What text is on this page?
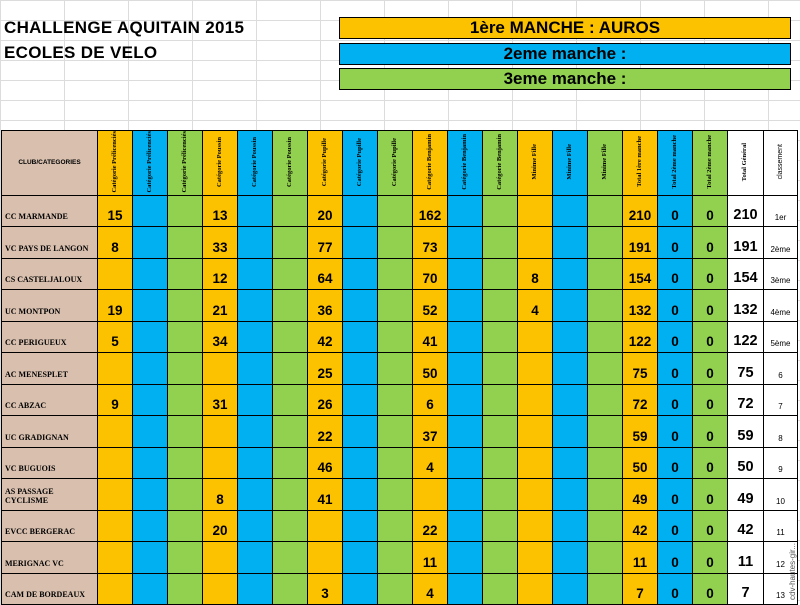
CHALLENGE AQUITAIN 2015
ECOLES DE VELO
1ère MANCHE : AUROS
2eme manche :
3eme manche :
CLUB/CATEGORIES	Catégorie Prélicenciés	Catégorie Prélicenciés	Catégorie Prélicenciés	Catégorie Poussin	Catégorie Poussin	Catégorie Poussin	Catégorie Pupille	Catégorie Pupille	Catégorie Pupille	Catégorie Benjamin	Catégorie Benjamin	Catégorie Benjamin	Minime Fille	Minime Fille	Minime Fille	Total 1ère manche	Total 2ème manche	Total 2ème manche	Total Général	classement
CC MARMANDE	15			13			20			162						210	0	0	210	1er
VC PAYS DE LANGON	8			33			77			73						191	0	0	191	2ème
CS CASTELJALOUX				12			64			70			8			154	0	0	154	3ème
UC MONTPON	19			21			36			52			4			132	0	0	132	4ème
CC PERIGUEUX	5			34			42			41						122	0	0	122	5ème
AC MENESPLET							25			50						75	0	0	75	6
CC ABZAC	9			31			26			6						72	0	0	72	7
UC GRADIGNAN							22			37						59	0	0	59	8
VC BUGUOIS							46			4						50	0	0	50	9
AS PASSAGE CYCLISME				8			41									49	0	0	49	10
EVCC BERGERAC				20						22						42	0	0	42	11
MERIGNAC VC										11						11	0	0	11	12
CAM DE BORDEAUX							3			4						7	0	0	7	13 cdv-hautes-gir...
